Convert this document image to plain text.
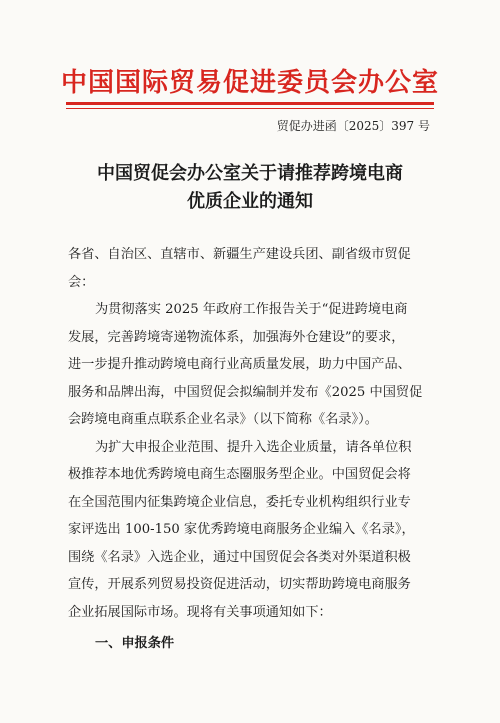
中国国际贸易促进委员会办公室
贸促办进函〔2025〕397 号
中国贸促会办公室关于请推荐跨境电商
优质企业的通知
各省、自治区、直辖市、新疆生产建设兵团、副省级市贸促
会：
为贯彻落实 2025 年政府工作报告关于“促进跨境电商
发展，完善跨境寄递物流体系，加强海外仓建设”的要求，
进一步提升推动跨境电商行业高质量发展，助力中国产品、
服务和品牌出海，中国贸促会拟编制并发布《2025 中国贸促
会跨境电商重点联系企业名录》（以下简称《名录》）。
为扩大申报企业范围、提升入选企业质量，请各单位积
极推荐本地优秀跨境电商生态圈服务型企业。中国贸促会将
在全国范围内征集跨境企业信息，委托专业机构组织行业专
家评选出 100-150 家优秀跨境电商服务企业编入《名录》，
围绕《名录》入选企业，通过中国贸促会各类对外渠道积极
宣传，开展系列贸易投资促进活动，切实帮助跨境电商服务
企业拓展国际市场。现将有关事项通知如下：
一、申报条件
